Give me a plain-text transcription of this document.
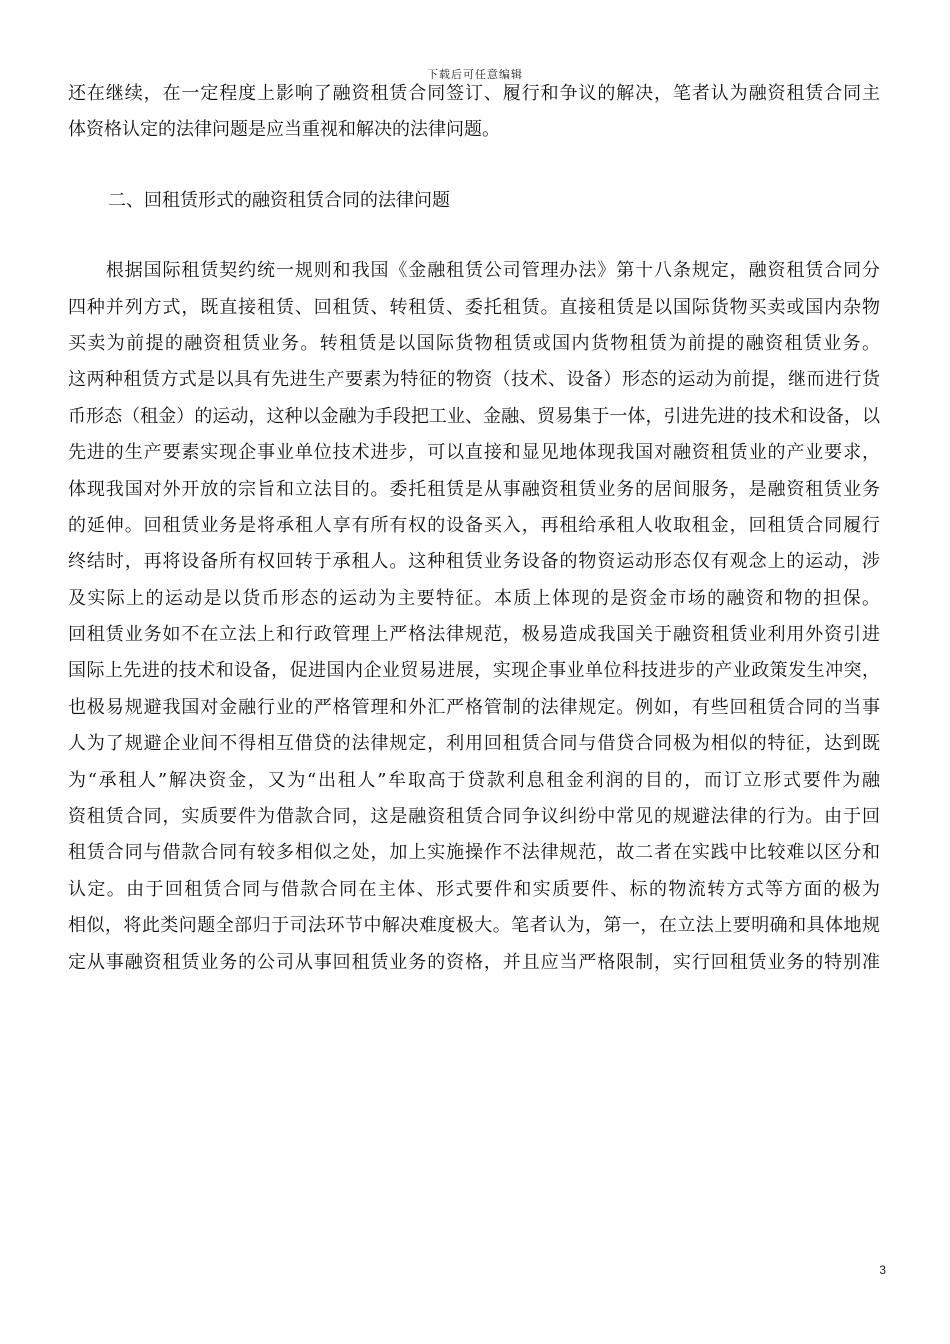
下载后可任意编辑
还在继续，在一定程度上影响了融资租赁合同签订、履行和争议的解决，笔者认为融资租赁合同主
体资格认定的法律问题是应当重视和解决的法律问题。
二、回租赁形式的融资租赁合同的法律问题
　　根据国际租赁契约统一规则和我国《金融租赁公司管理办法》第十八条规定，融资租赁合同分
四种并列方式，既直接租赁、回租赁、转租赁、委托租赁。直接租赁是以国际货物买卖或国内杂物
买卖为前提的融资租赁业务。转租赁是以国际货物租赁或国内货物租赁为前提的融资租赁业务。
这两种租赁方式是以具有先进生产要素为特征的物资（技术、设备）形态的运动为前提，继而进行货
币形态（租金）的运动，这种以金融为手段把工业、金融、贸易集于一体，引进先进的技术和设备，以
先进的生产要素实现企事业单位技术进步，可以直接和显见地体现我国对融资租赁业的产业要求，
体现我国对外开放的宗旨和立法目的。委托租赁是从事融资租赁业务的居间服务，是融资租赁业务
的延伸。回租赁业务是将承租人享有所有权的设备买入，再租给承租人收取租金，回租赁合同履行
终结时，再将设备所有权回转于承租人。这种租赁业务设备的物资运动形态仅有观念上的运动，涉
及实际上的运动是以货币形态的运动为主要特征。本质上体现的是资金市场的融资和物的担保。
回租赁业务如不在立法上和行政管理上严格法律规范，极易造成我国关于融资租赁业利用外资引进
国际上先进的技术和设备，促进国内企业贸易进展，实现企事业单位科技进步的产业政策发生冲突，
也极易规避我国对金融行业的严格管理和外汇严格管制的法律规定。例如，有些回租赁合同的当事
人为了规避企业间不得相互借贷的法律规定，利用回租赁合同与借贷合同极为相似的特征，达到既
为“承租人”解决资金，又为“出租人”牟取高于贷款利息租金利润的目的，而订立形式要件为融
资租赁合同，实质要件为借款合同，这是融资租赁合同争议纠纷中常见的规避法律的行为。由于回
租赁合同与借款合同有较多相似之处，加上实施操作不法律规范，故二者在实践中比较难以区分和
认定。由于回租赁合同与借款合同在主体、形式要件和实质要件、标的物流转方式等方面的极为
相似，将此类问题全部归于司法环节中解决难度极大。笔者认为，第一，在立法上要明确和具体地规
定从事融资租赁业务的公司从事回租赁业务的资格，并且应当严格限制，实行回租赁业务的特别准
3
